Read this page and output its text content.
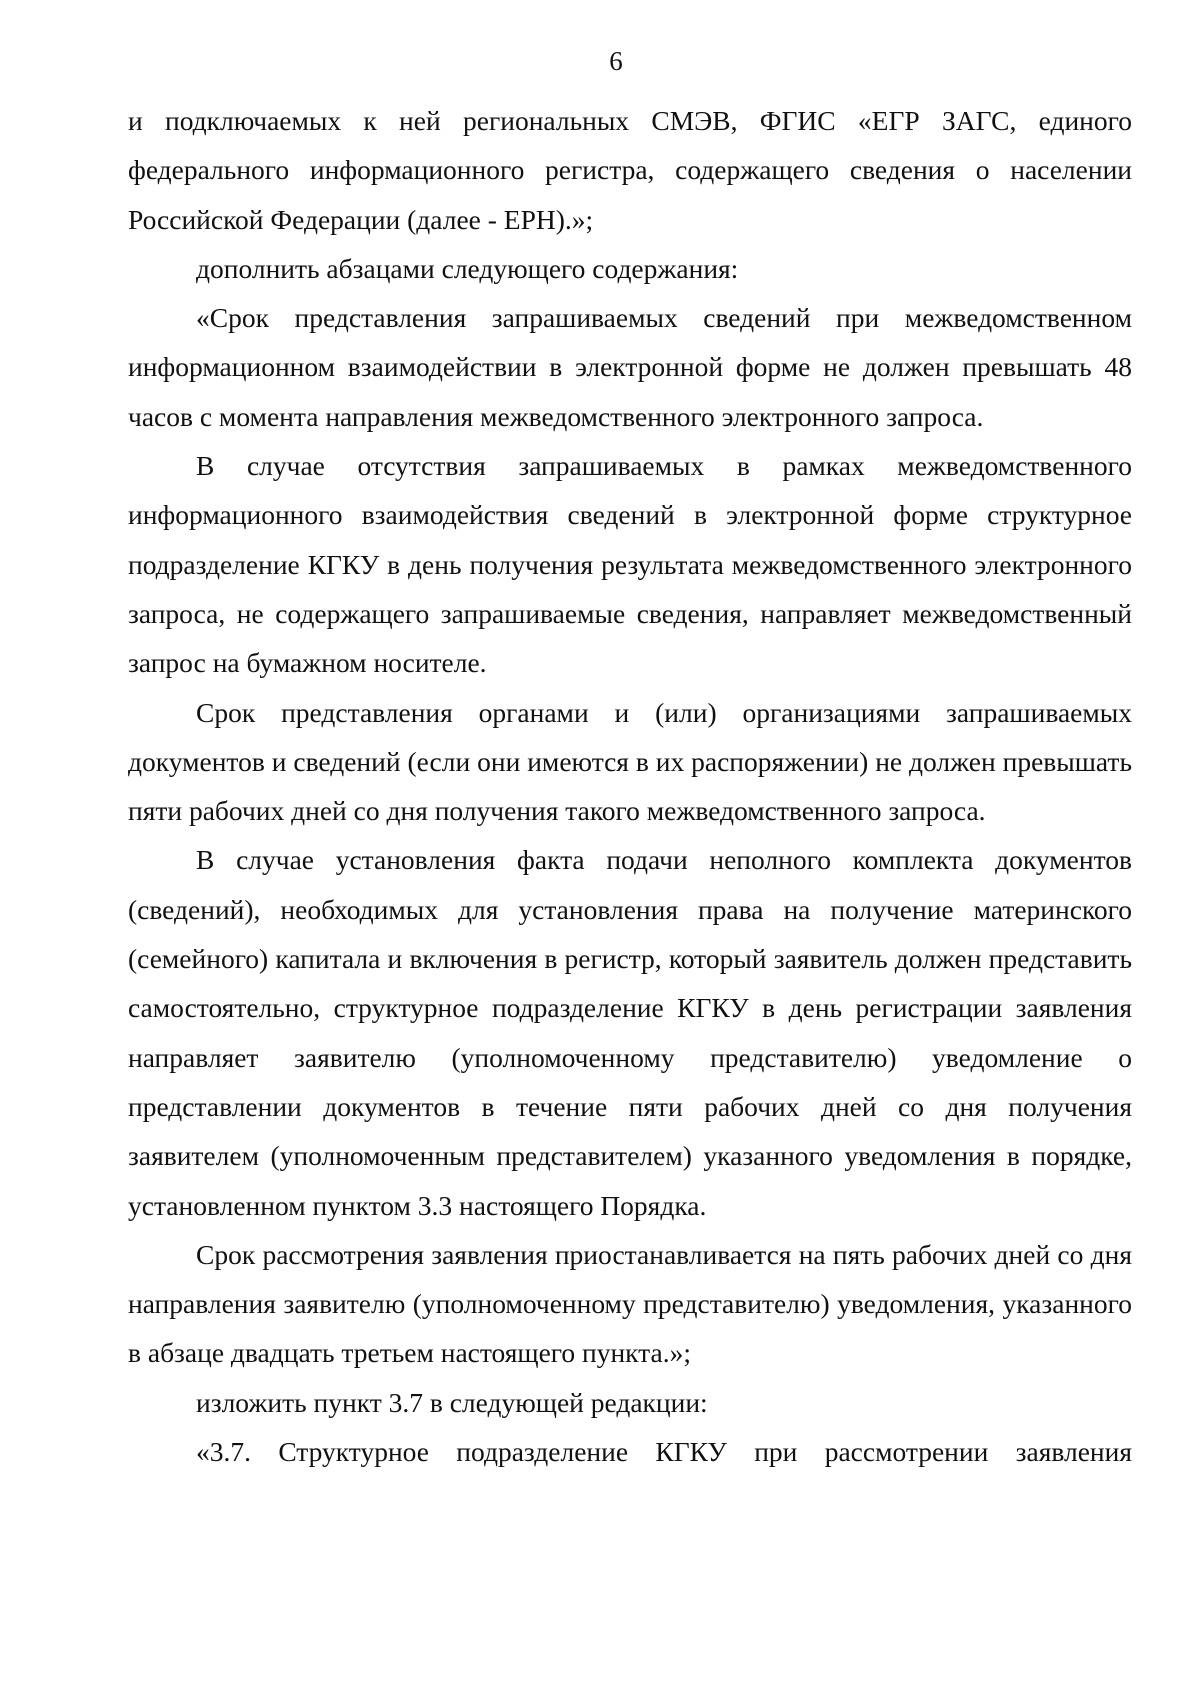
6

и подключаемых к ней региональных СМЭВ, ФГИС «ЕГР ЗАГС, единого федерального информационного регистра, содержащего сведения о населении Российской Федерации (далее - ЕРН).»;

дополнить абзацами следующего содержания:

«Срок представления запрашиваемых сведений при межведомственном информационном взаимодействии в электронной форме не должен превышать 48 часов с момента направления межведомственного электронного запроса.

В случае отсутствия запрашиваемых в рамках межведомственного информационного взаимодействия сведений в электронной форме структурное подразделение КГКУ в день получения результата межведомственного электронного запроса, не содержащего запрашиваемые сведения, направляет межведомственный запрос на бумажном носителе.

Срок представления органами и (или) организациями запрашиваемых документов и сведений (если они имеются в их распоряжении) не должен превышать пяти рабочих дней со дня получения такого межведомственного запроса.

В случае установления факта подачи неполного комплекта документов (сведений), необходимых для установления права на получение материнского (семейного) капитала и включения в регистр, который заявитель должен представить самостоятельно, структурное подразделение КГКУ в день регистрации заявления направляет заявителю (уполномоченному представителю) уведомление о представлении документов в течение пяти рабочих дней со дня получения заявителем (уполномоченным представителем) указанного уведомления в порядке, установленном пунктом 3.3 настоящего Порядка.

Срок рассмотрения заявления приостанавливается на пять рабочих дней со дня направления заявителю (уполномоченному представителю) уведомления, указанного в абзаце двадцать третьем настоящего пункта.»;

изложить пункт 3.7 в следующей редакции:

«3.7. Структурное подразделение КГКУ при рассмотрении заявления
